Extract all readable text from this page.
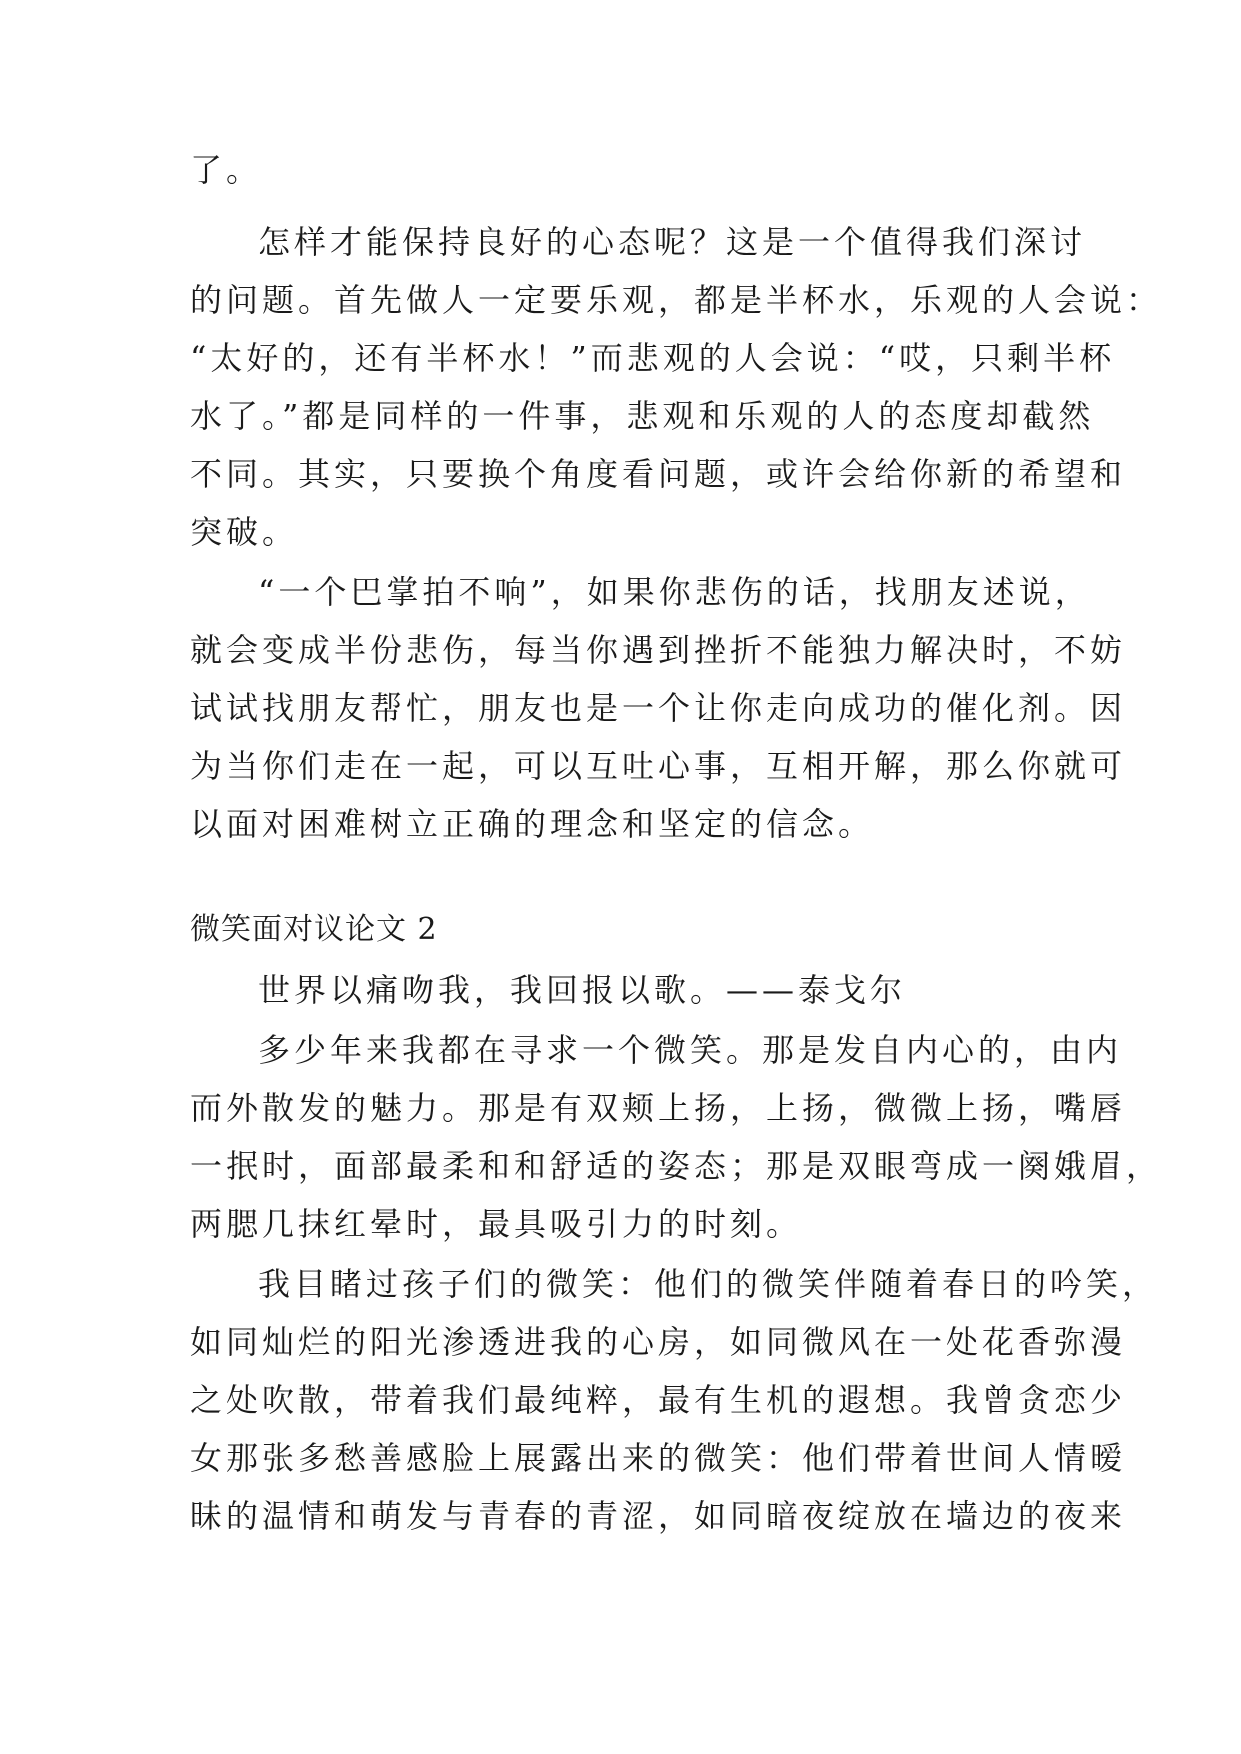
了。
怎样才能保持良好的心态呢？这是一个值得我们深讨
的问题。首先做人一定要乐观，都是半杯水，乐观的人会说：
“太好的，还有半杯水！”而悲观的人会说：“哎，只剩半杯
水了。”都是同样的一件事，悲观和乐观的人的态度却截然
不同。其实，只要换个角度看问题，或许会给你新的希望和
突破。
“一个巴掌拍不响”，如果你悲伤的话，找朋友述说，
就会变成半份悲伤，每当你遇到挫折不能独力解决时，不妨
试试找朋友帮忙，朋友也是一个让你走向成功的催化剂。因
为当你们走在一起，可以互吐心事，互相开解，那么你就可
以面对困难树立正确的理念和坚定的信念。
微笑面对议论文 2
世界以痛吻我，我回报以歌。——泰戈尔
多少年来我都在寻求一个微笑。那是发自内心的，由内
而外散发的魅力。那是有双颊上扬，上扬，微微上扬，嘴唇
一抿时，面部最柔和和舒适的姿态；那是双眼弯成一阕娥眉，
两腮几抹红晕时，最具吸引力的时刻。
我目睹过孩子们的微笑：他们的微笑伴随着春日的吟笑，
如同灿烂的阳光渗透进我的心房，如同微风在一处花香弥漫
之处吹散，带着我们最纯粹，最有生机的遐想。我曾贪恋少
女那张多愁善感脸上展露出来的微笑：他们带着世间人情暧
昧的温情和萌发与青春的青涩，如同暗夜绽放在墙边的夜来
